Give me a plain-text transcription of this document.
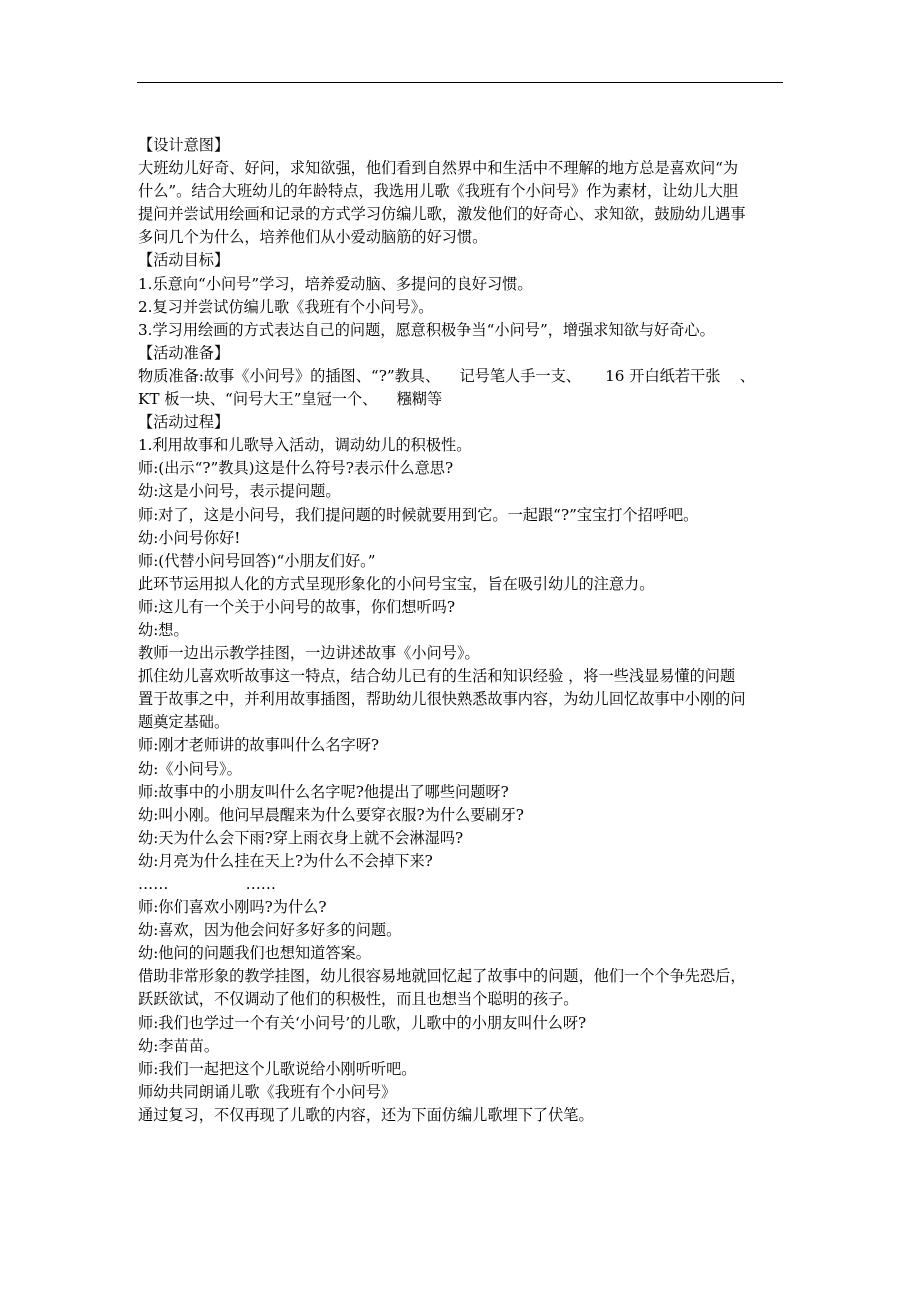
【设计意图】
大班幼儿好奇、好问，求知欲强，他们看到自然界中和生活中不理解的地方总是喜欢问“为
什么”。结合大班幼儿的年龄特点，我选用儿歌《我班有个小问号》作为素材，让幼儿大胆
提问并尝试用绘画和记录的方式学习仿编儿歌，激发他们的好奇心、求知欲，鼓励幼儿遇事
多问几个为什么，培养他们从小爱动脑筋的好习惯。
【活动目标】
1.乐意向“小问号”学习，培养爱动脑、多提问的良好习惯。
2.复习并尝试仿编儿歌《我班有个小问号》。
3.学习用绘画的方式表达自己的问题，愿意积极争当“小问号”，增强求知欲与好奇心。
【活动准备】
物质准备:故事《小问号》的插图、“?”教具、    记号笔人手一支、     16 开白纸若干张    、
KT 板一块、“问号大王”皇冠一个、    糨糊等
【活动过程】
1.利用故事和儿歌导入活动，调动幼儿的积极性。
师:(出示“?”教具)这是什么符号?表示什么意思?
幼:这是小问号，表示提问题。
师:对了，这是小问号，我们提问题的时候就要用到它。一起跟“?”宝宝打个招呼吧。
幼:小问号你好!
师:(代替小问号回答)“小朋友们好。”
此环节运用拟人化的方式呈现形象化的小问号宝宝，旨在吸引幼儿的注意力。
师:这儿有一个关于小问号的故事，你们想听吗?
幼:想。
教师一边出示教学挂图，一边讲述故事《小问号》。
抓住幼儿喜欢听故事这一特点，结合幼儿已有的生活和知识经验 ，将一些浅显易懂的问题
置于故事之中，并利用故事插图，帮助幼儿很快熟悉故事内容，为幼儿回忆故事中小刚的问
题奠定基础。
师:刚才老师讲的故事叫什么名字呀?
幼:《小问号》。
师:故事中的小朋友叫什么名字呢?他提出了哪些问题呀?
幼:叫小刚。他问早晨醒来为什么要穿衣服?为什么要刷牙?
幼:天为什么会下雨?穿上雨衣身上就不会淋湿吗?
幼:月亮为什么挂在天上?为什么不会掉下来?
……                ……
师:你们喜欢小刚吗?为什么?
幼:喜欢，因为他会问好多好多的问题。
幼:他问的问题我们也想知道答案。
借助非常形象的教学挂图，幼儿很容易地就回忆起了故事中的问题，他们一个个争先恐后，
跃跃欲试，不仅调动了他们的积极性，而且也想当个聪明的孩子。
师:我们也学过一个有关‘小问号’的儿歌，儿歌中的小朋友叫什么呀?
幼:李苗苗。
师:我们一起把这个儿歌说给小刚听听吧。
师幼共同朗诵儿歌《我班有个小问号》
通过复习，不仅再现了儿歌的内容，还为下面仿编儿歌埋下了伏笔。
